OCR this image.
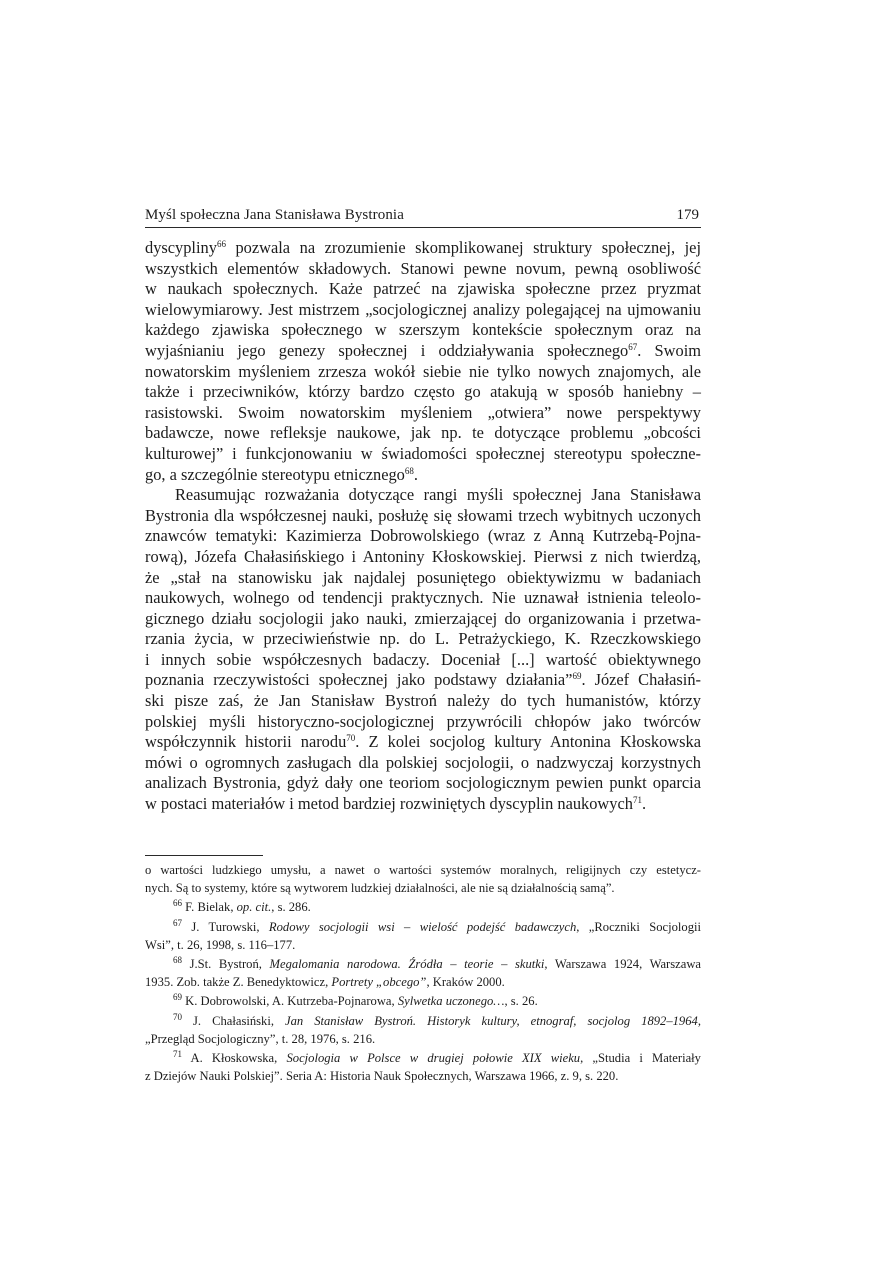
Myśl społeczna Jana Stanisława Bystronia	179
dyscypliny$^{66}$ pozwala na zrozumienie skomplikowanej struktury społecznej, jej
wszystkich elementów składowych. Stanowi pewne novum, pewną osobliwość
w naukach społecznych. Każe patrzeć na zjawiska społeczne przez pryzmat
wielowymiarowy. Jest mistrzem „socjologicznej analizy polegającej na ujmowaniu
każdego zjawiska społecznego w szerszym kontekście społecznym oraz na
wyjaśnianiu jego genezy społecznej i oddziaływania społecznego$^{67}$. Swoim
nowatorskim myśleniem zrzesza wokół siebie nie tylko nowych znajomych, ale
także i przeciwników, którzy bardzo często go atakują w sposób haniebny –
rasistowski. Swoim nowatorskim myśleniem „otwiera” nowe perspektywy
badawcze, nowe refleksje naukowe, jak np. te dotyczące problemu „obcości
kulturowej” i funkcjonowaniu w świadomości społecznej stereotypu społeczne-
go, a szczególnie stereotypu etnicznego$^{68}$.
Reasumując rozważania dotyczące rangi myśli społecznej Jana Stanisława
Bystronia dla współczesnej nauki, posłużę się słowami trzech wybitnych uczonych
znawców tematyki: Kazimierza Dobrowolskiego (wraz z Anną Kutrzebą-Pojna-
rową), Józefa Chałasińskiego i Antoniny Kłoskowskiej. Pierwsi z nich twierdzą,
że „stał na stanowisku jak najdalej posuniętego obiektywizmu w badaniach
naukowych, wolnego od tendencji praktycznych. Nie uznawał istnienia teleolo-
gicznego działu socjologii jako nauki, zmierzającej do organizowania i przetwa-
rzania życia, w przeciwieństwie np. do L. Petrażyckiego, K. Rzeczkowskiego
i innych sobie współczesnych badaczy. Doceniał [...] wartość obiektywnego
poznania rzeczywistości społecznej jako podstawy działania”$^{69}$. Józef Chałasiń-
ski pisze zaś, że Jan Stanisław Bystroń należy do tych humanistów, którzy
polskiej myśli historyczno-socjologicznej przywrócili chłopów jako twórców
współczynnik historii narodu$^{70}$. Z kolei socjolog kultury Antonina Kłoskowska
mówi o ogromnych zasługach dla polskiej socjologii, o nadzwyczaj korzystnych
analizach Bystronia, gdyż dały one teoriom socjologicznym pewien punkt oparcia
w postaci materiałów i metod bardziej rozwiniętych dyscyplin naukowych$^{71}$.
o wartości ludzkiego umysłu, a nawet o wartości systemów moralnych, religijnych czy estetycz-
nych. Są to systemy, które są wytworem ludzkiej działalności, ale nie są działalnością samą”.
$^{66}$ F. Bielak, op. cit., s. 286.
$^{67}$ J. Turowski, Rodowy socjologii wsi – wielość podejść badawczych, „Roczniki Socjologii
Wsi”, t. 26, 1998, s. 116–177.
$^{68}$ J.St. Bystroń, Megalomania narodowa. Źródła – teorie – skutki, Warszawa 1924, Warszawa
1935. Zob. także Z. Benedyktowicz, Portrety „obcego”, Kraków 2000.
$^{69}$ K. Dobrowolski, A. Kutrzeba-Pojnarowa, Sylwetka uczonego…, s. 26.
$^{70}$ J. Chałasiński, Jan Stanisław Bystroń. Historyk kultury, etnograf, socjolog 1892–1964,
„Przegląd Socjologiczny”, t. 28, 1976, s. 216.
$^{71}$ A. Kłoskowska, Socjologia w Polsce w drugiej połowie XIX wieku, „Studia i Materiały
z Dziejów Nauki Polskiej”. Seria A: Historia Nauk Społecznych, Warszawa 1966, z. 9, s. 220.
